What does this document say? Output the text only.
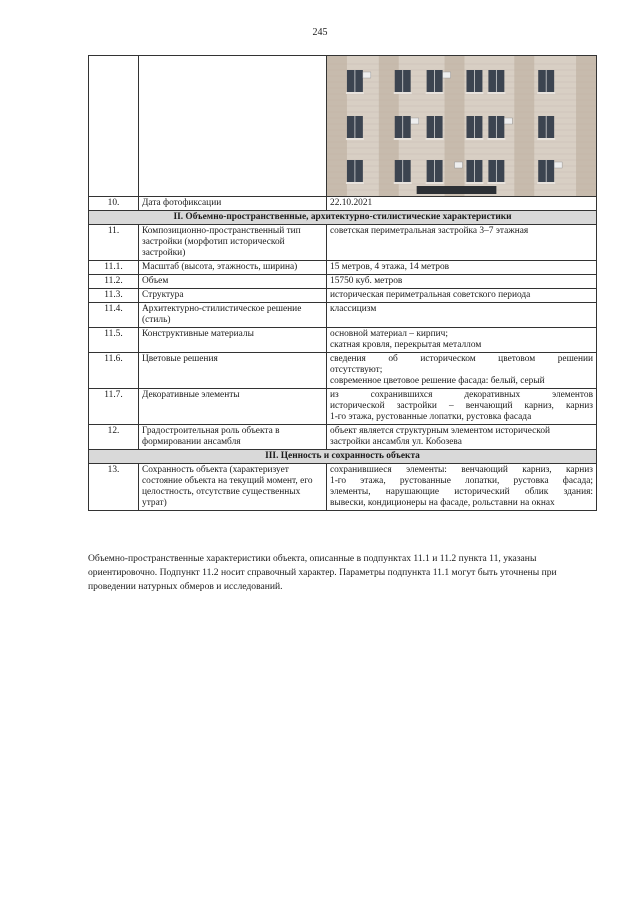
245

10.	Дата фотофиксации	22.10.2021
II. Объемно-пространственные, архитектурно-стилистические характеристики		
11.	Композиционно-пространственный тип застройки (морфотип исторической застройки)	советская периметральная застройка 3–7 этажная
11.1.	Масштаб (высота, этажность, ширина)	15 метров, 4 этажа, 14 метров
11.2.	Объем	15750 куб. метров
11.3.	Структура	историческая периметральная советского периода
11.4.	Архитектурно-стилистическое решение (стиль)	классицизм
11.5.	Конструктивные материалы	основной материал – кирпич;
скатная кровля, перекрытая металлом

11.6.	Цветовые решения	сведения об историческом цветовом решении
отсутствуют;
современное цветовое решение фасада: белый, серый

11.7.	Декоративные элементы	из сохранившихся декоративных элементов
исторической застройки – венчающий карниз, карниз
1-го этажа, рустованные лопатки, рустовка фасада

12.	Градостроительная роль объекта в формировании ансамбля	объект является структурным элементом исторической
застройки ансамбля ул. Кобозева

III. Ценность и сохранность объекта		
13.	Сохранность объекта (характеризует состояние объекта на текущий момент, его целостность, отсутствие существенных утрат)	сохранившиеся элементы: венчающий карниз, карниз
1-го этажа, рустованные лопатки, рустовка фасада;
элементы, нарушающие исторический облик здания:
вывески, кондиционеры на фасаде, рольставни на окнах
Объемно-пространственные характеристики объекта, описанные в подпунктах 11.1 и 11.2 пункта 11, указаны ориентировочно. Подпункт 11.2 носит справочный характер. Параметры подпункта 11.1 могут быть уточнены при проведении натурных обмеров и исследований.
